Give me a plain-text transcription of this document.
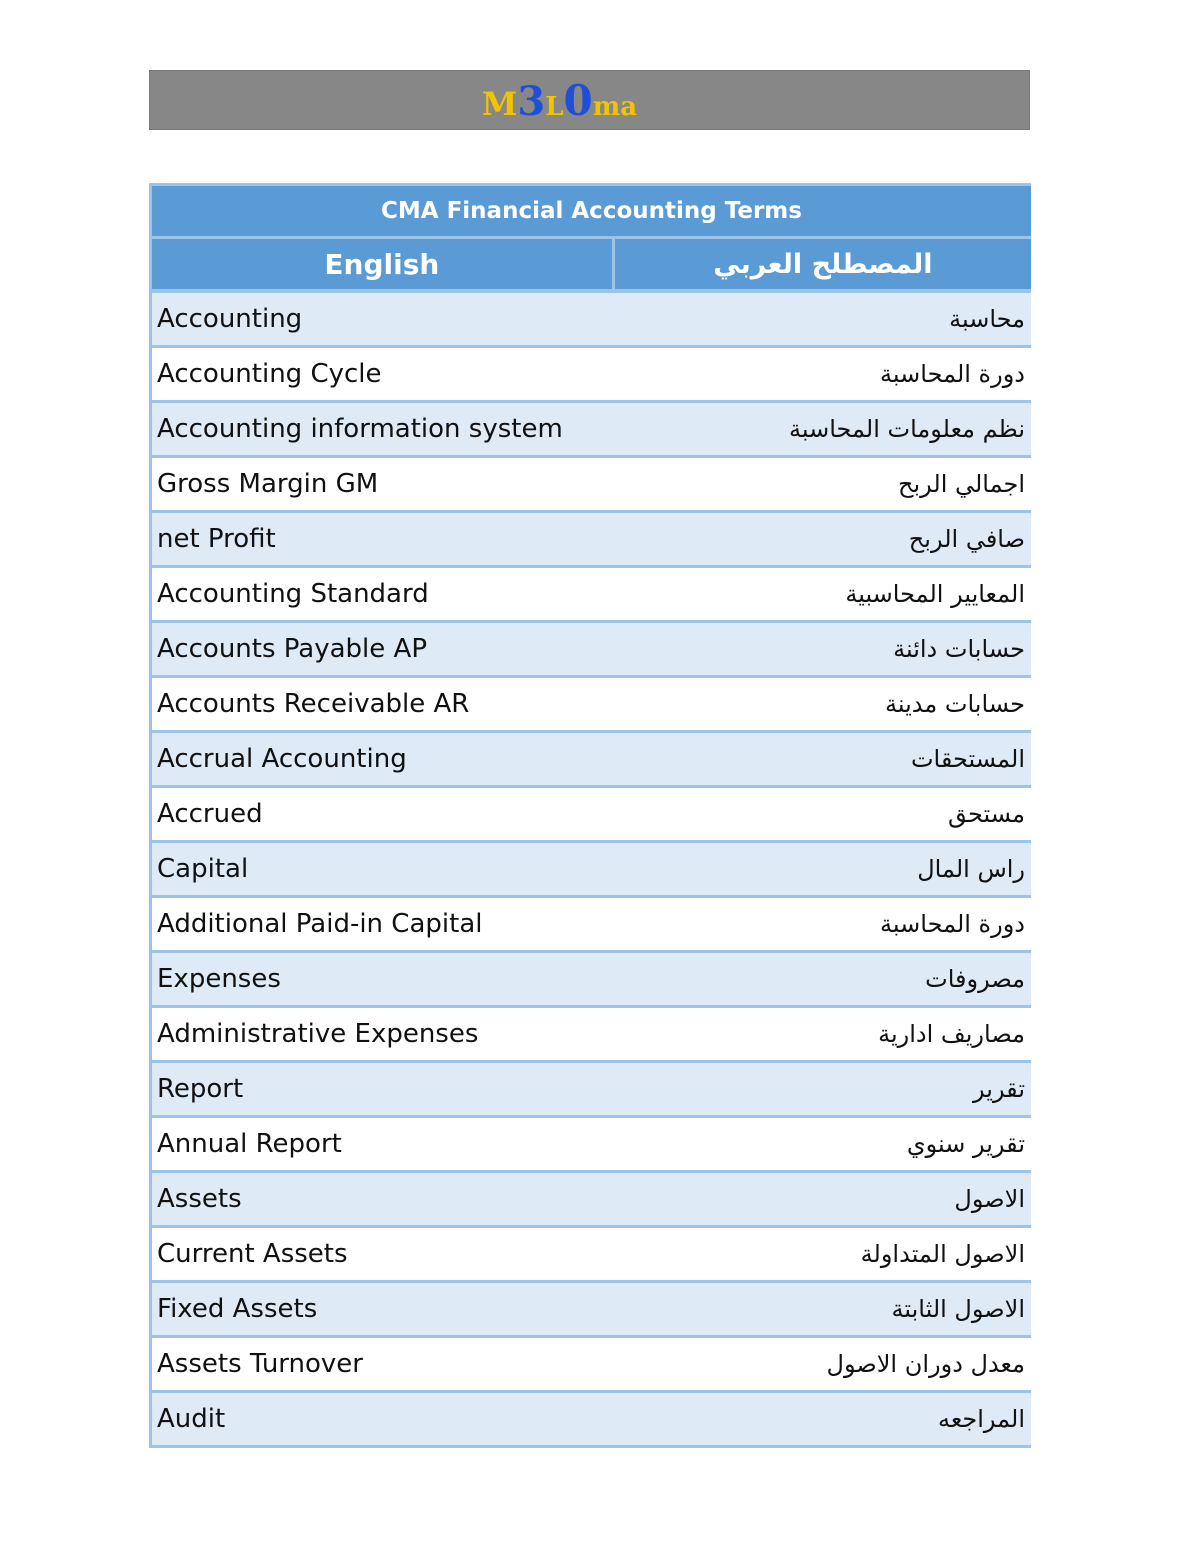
M 3 L 0 ma
CMA Financial Accounting Terms	
English	المصطلح العربي
Accounting	محاسبة
Accounting Cycle	دورة المحاسبة
Accounting information system	نظم معلومات المحاسبة
Gross Margin GM	اجمالي الربح
net Profit	صافي الربح
Accounting Standard	المعايير المحاسبية
Accounts Payable AP	حسابات دائنة
Accounts Receivable AR	حسابات مدينة
Accrual Accounting	المستحقات
Accrued	مستحق
Capital	راس المال
Additional Paid-in Capital	دورة المحاسبة
Expenses	مصروفات
Administrative Expenses	مصاريف ادارية
Report	تقرير
Annual Report	تقرير سنوي
Assets	الاصول
Current Assets	الاصول المتداولة
Fixed Assets	الاصول الثابتة
Assets Turnover	معدل دوران الاصول
Audit	المراجعه
